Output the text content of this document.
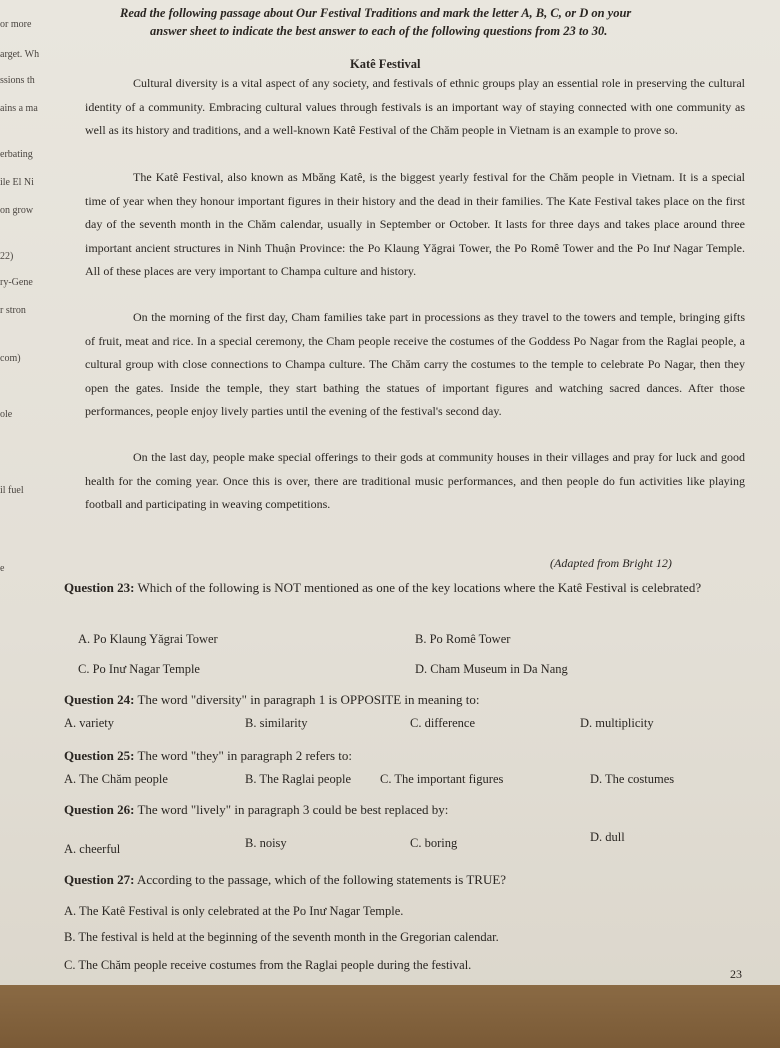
or more
arget. Wh
ssions th
ains a ma
erbating
ile El Ni
on grow
22)
ry-Gene
r stron
com)
ole
il fuel
e
Read the following passage about Our Festival Traditions and mark the letter A, B, C, or D on your
answer sheet to indicate the best answer to each of the following questions from 23 to 30.
Katê Festival
Cultural diversity is a vital aspect of any society, and festivals of ethnic groups play an essential role in preserving the cultural identity of a community. Embracing cultural values through festivals is an important way of staying connected with one community as well as its history and traditions, and a well-known Katê Festival of the Chăm people in Vietnam is an example to prove so.
The Katê Festival, also known as Mbăng Katê, is the biggest yearly festival for the Chăm people in Vietnam. It is a special time of year when they honour important figures in their history and the dead in their families. The Kate Festival takes place on the first day of the seventh month in the Chăm calendar, usually in September or October. It lasts for three days and takes place around three important ancient structures in Ninh Thuận Province: the Po Klaung Yăgrai Tower, the Po Romê Tower and the Po Inư Nagar Temple. All of these places are very important to Champa culture and history.
On the morning of the first day, Cham families take part in processions as they travel to the towers and temple, bringing gifts of fruit, meat and rice. In a special ceremony, the Cham people receive the costumes of the Goddess Po Nagar from the Raglai people, a cultural group with close connections to Champa culture. The Chăm carry the costumes to the temple to celebrate Po Nagar, then they open the gates. Inside the temple, they start bathing the statues of important figures and watching sacred dances. After those performances, people enjoy lively parties until the evening of the festival's second day.
On the last day, people make special offerings to their gods at community houses in their villages and pray for luck and good health for the coming year. Once this is over, there are traditional music performances, and then people do fun activities like playing football and participating in weaving competitions.
(Adapted from Bright 12)
Question 23: Which of the following is NOT mentioned as one of the key locations where the Katê Festival is celebrated?
A. Po Klaung Yăgrai Tower	B. Po Romê Tower
C. Po Inư Nagar Temple	D. Cham Museum in Da Nang
Question 24: The word "diversity" in paragraph 1 is OPPOSITE in meaning to:
A. variety	B. similarity	C. difference	D. multiplicity
Question 25: The word "they" in paragraph 2 refers to:
A. The Chăm people	B. The Raglai people C. The important figures	D. The costumes
Question 26: The word "lively" in paragraph 3 could be best replaced by:
A. cheerful	B. noisy	C. boring	D. dull
Question 27: According to the passage, which of the following statements is TRUE?
A. The Katê Festival is only celebrated at the Po Inư Nagar Temple.
B. The festival is held at the beginning of the seventh month in the Gregorian calendar.
C. The Chăm people receive costumes from the Raglai people during the festival.
23
